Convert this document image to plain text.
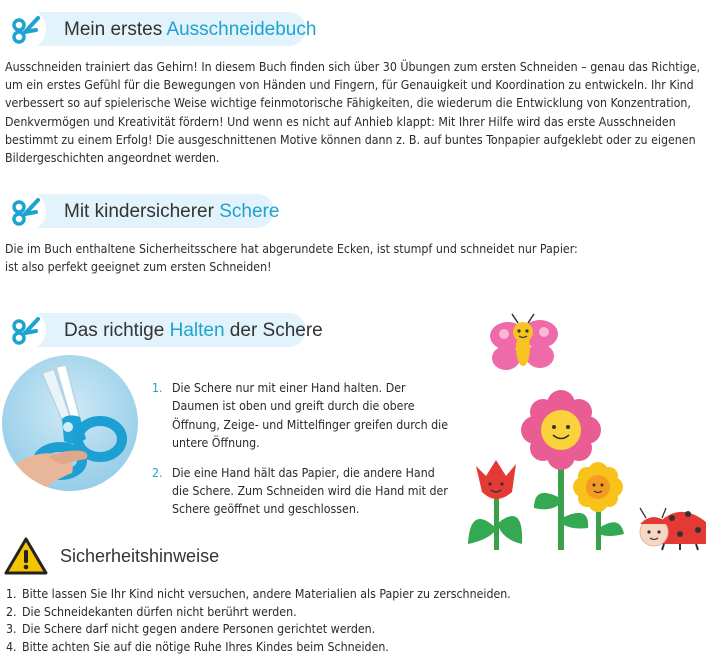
Mein erstes Ausschneidebuch
Ausschneiden trainiert das Gehirn! In diesem Buch finden sich über 30 Übungen zum ersten Schneiden – genau das Richtige, um ein erstes Gefühl für die Bewegungen von Händen und Fingern, für Genauigkeit und Koordination zu entwickeln. Ihr Kind verbessert so auf spielerische Weise wichtige feinmotorische Fähigkeiten, die wiederum die Entwicklung von Konzentration, Denkvermögen und Kreativität fördern! Und wenn es nicht auf Anhieb klappt: Mit Ihrer Hilfe wird das erste Ausschneiden bestimmt zu einem Erfolg! Die ausgeschnittenen Motive können dann z. B. auf buntes Tonpapier aufgeklebt oder zu eigenen Bildergeschichten angeordnet werden.
Mit kindersicherer Schere
Die im Buch enthaltene Sicherheitsschere hat abgerundete Ecken, ist stumpf und schneidet nur Papier:
ist also perfekt geeignet zum ersten Schneiden!
Das richtige Halten der Schere
1. Die Schere nur mit einer Hand halten. Der Daumen ist oben und greift durch die obere Öffnung, Zeige- und Mittelfinger greifen durch die untere Öffnung.
2. Die eine Hand hält das Papier, die andere Hand die Schere. Zum Schneiden wird die Hand mit der Schere geöffnet und geschlossen.
Sicherheitshinweise
1. Bitte lassen Sie Ihr Kind nicht versuchen, andere Materialien als Papier zu zerschneiden.
2. Die Schneidekanten dürfen nicht berührt werden.
3. Die Schere darf nicht gegen andere Personen gerichtet werden.
4. Bitte achten Sie auf die nötige Ruhe Ihres Kindes beim Schneiden.
